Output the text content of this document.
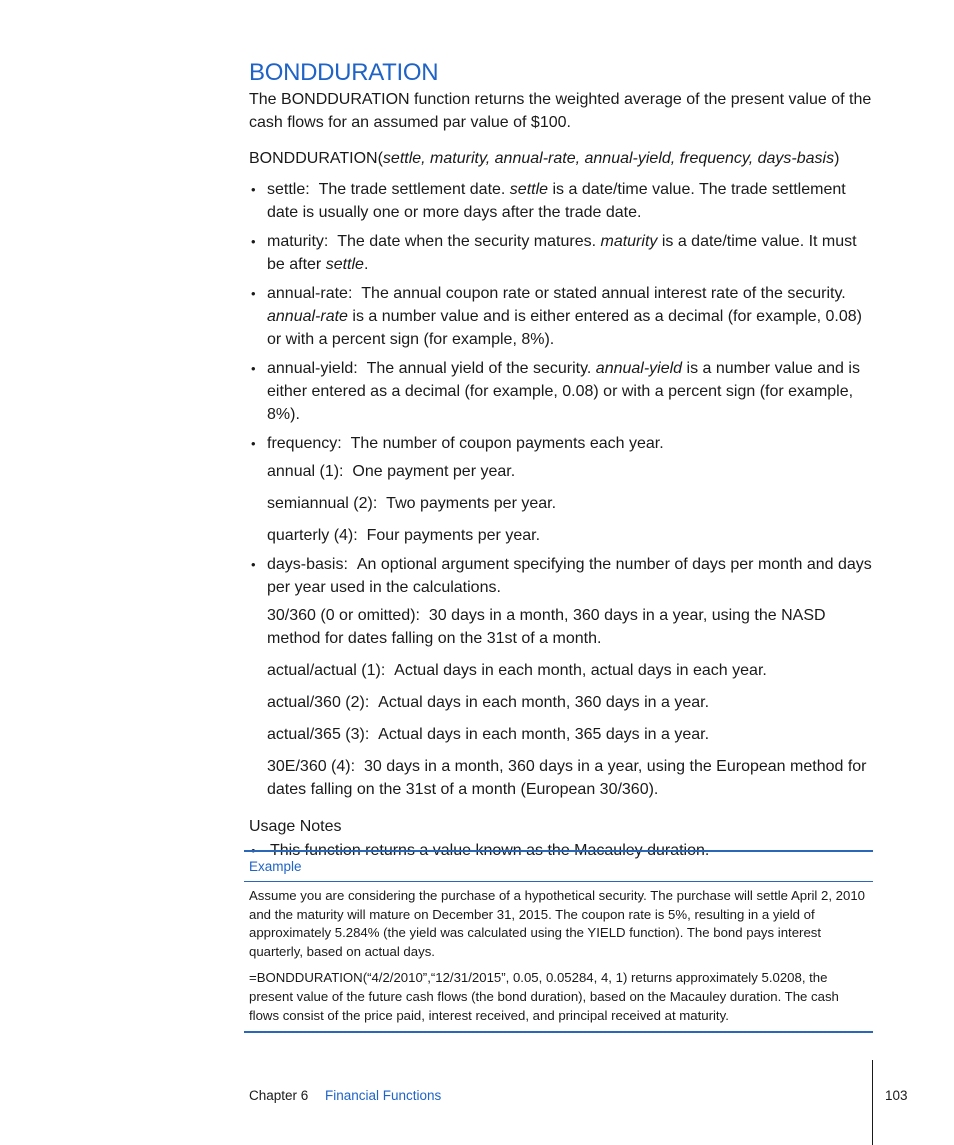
BONDDURATION

The BONDDURATION function returns the weighted average of the present value of the cash flows for an assumed par value of $100.

BONDDURATION(settle, maturity, annual-rate, annual-yield, frequency, days-basis)
• settle: The trade settlement date. settle is a date/time value. The trade settlement date is usually one or more days after the trade date.
• maturity: The date when the security matures. maturity is a date/time value. It must be after settle.
• annual-rate: The annual coupon rate or stated annual interest rate of the security. annual-rate is a number value and is either entered as a decimal (for example, 0.08) or with a percent sign (for example, 8%).
• annual-yield: The annual yield of the security. annual-yield is a number value and is either entered as a decimal (for example, 0.08) or with a percent sign (for example, 8%).
• frequency: The number of coupon payments each year.

annual (1): One payment per year.

semiannual (2): Two payments per year.

quarterly (4): Four payments per year.

• days-basis: An optional argument specifying the number of days per month and days per year used in the calculations.

30/360 (0 or omitted): 30 days in a month, 360 days in a year, using the NASD method for dates falling on the 31st of a month.

actual/actual (1): Actual days in each month, actual days in each year.

actual/360 (2): Actual days in each month, 360 days in a year.

actual/365 (3): Actual days in each month, 365 days in a year.

30E/360 (4): 30 days in a month, 360 days in a year, using the European method for dates falling on the 31st of a month (European 30/360).

Usage Notes
• This function returns a value known as the Macauley duration.
Example

Assume you are considering the purchase of a hypothetical security. The purchase will settle April 2, 2010 and the maturity will mature on December 31, 2015. The coupon rate is 5%, resulting in a yield of approximately 5.284% (the yield was calculated using the YIELD function). The bond pays interest quarterly, based on actual days.

=BONDDURATION(“4/2/2010”,“12/31/2015”, 0.05, 0.05284, 4, 1) returns approximately 5.0208, the present value of the future cash flows (the bond duration), based on the Macauley duration. The cash flows consist of the price paid, interest received, and principal received at maturity.

Chapter 6 Financial Functions	103
